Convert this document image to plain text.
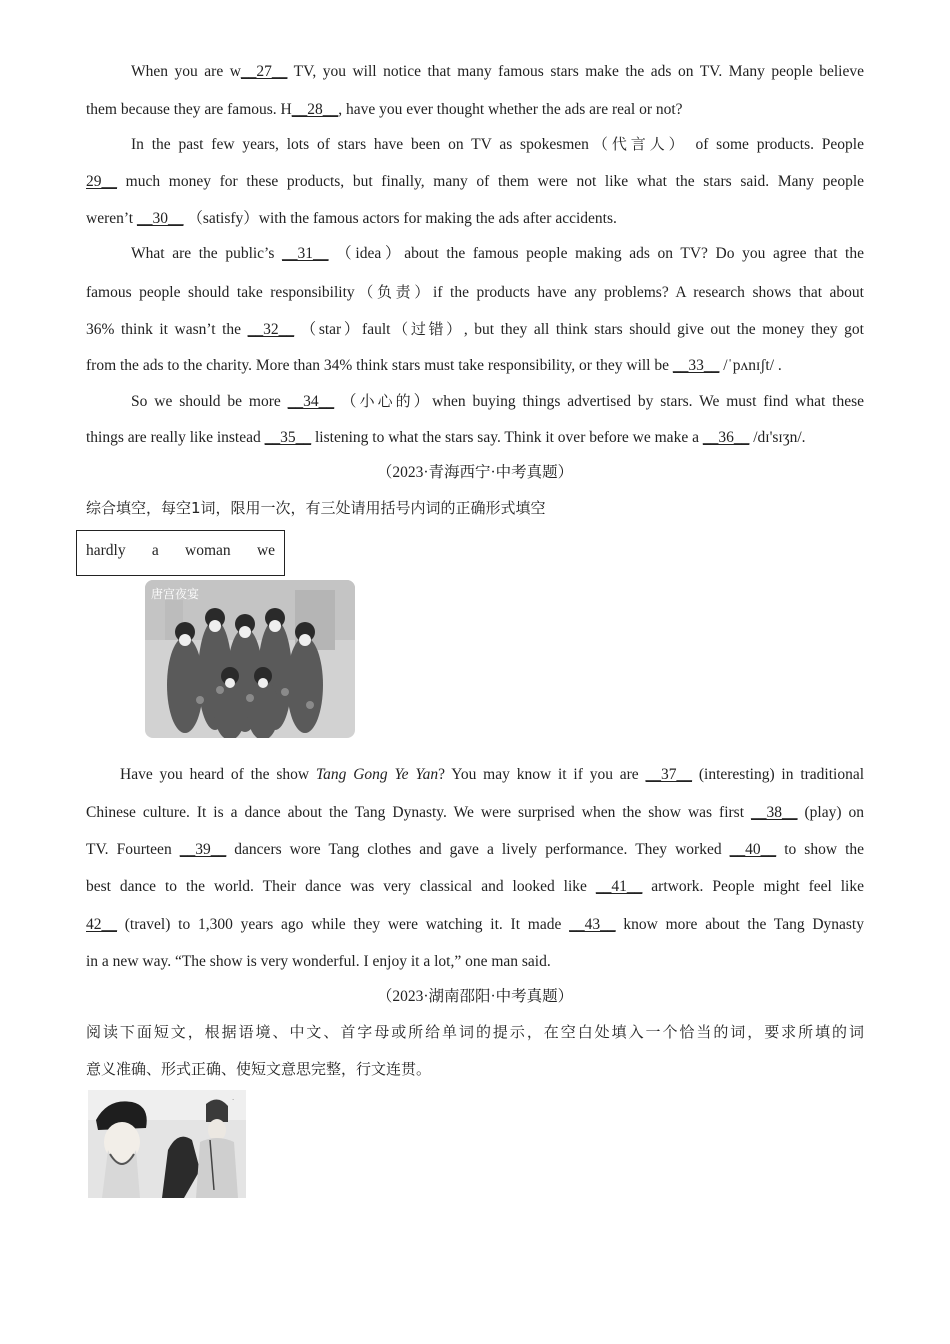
When you are w__27__ TV, you will notice that many famous stars make the ads on TV. Many people believe
them because they are famous. H__28__, have you ever thought whether the ads are real or not?
In the past few years, lots of stars have been on TV as spokesmen（代言人） of some products. People
29__ much money for these products, but finally, many of them were not like what the stars said. Many people
weren’t __30__ （satisfy）with the famous actors for making the ads after accidents.
What are the public’s __31__ （idea）about the famous people making ads on TV? Do you agree that the
famous people should take responsibility（负责）if the products have any problems? A research shows that about
36% think it wasn’t the __32__ （star）fault（过错）, but they all think stars should give out the money they got
from the ads to the charity. More than 34% think stars must take responsibility, or they will be __33__ /ˈpʌnɪʃt/ .
So we should be more __34__ （小心的）when buying things advertised by stars. We must find what these
things are really like instead __35__ listening to what the stars say. Think it over before we make a __36__ /dɪ'sɪʒn/.
（2023·青海西宁·中考真题）
综合填空，每空1词，限用一次，有三处请用括号内词的正确形式填空
hardly a woman we
唐宫夜宴
Have you heard of the show Tang Gong Ye Yan? You may know it if you are __37__ (interesting) in traditional
Chinese culture. It is a dance about the Tang Dynasty. We were surprised when the show was first __38__ (play) on
TV. Fourteen __39__ dancers wore Tang clothes and gave a lively performance. They worked __40__ to show the
best dance to the world. Their dance was very classical and looked like __41__ artwork. People might feel like
42__ (travel) to 1,300 years ago while they were watching it. It made __43__ know more about the Tang Dynasty
in a new way. “The show is very wonderful. I enjoy it a lot,” one man said.
（2023·湖南邵阳·中考真题）
阅读下面短文，根据语境、中文、首字母或所给单词的提示，在空白处填入一个恰当的词，要求所填的词
意义准确、形式正确、使短文意思完整，行文连贯。
.
